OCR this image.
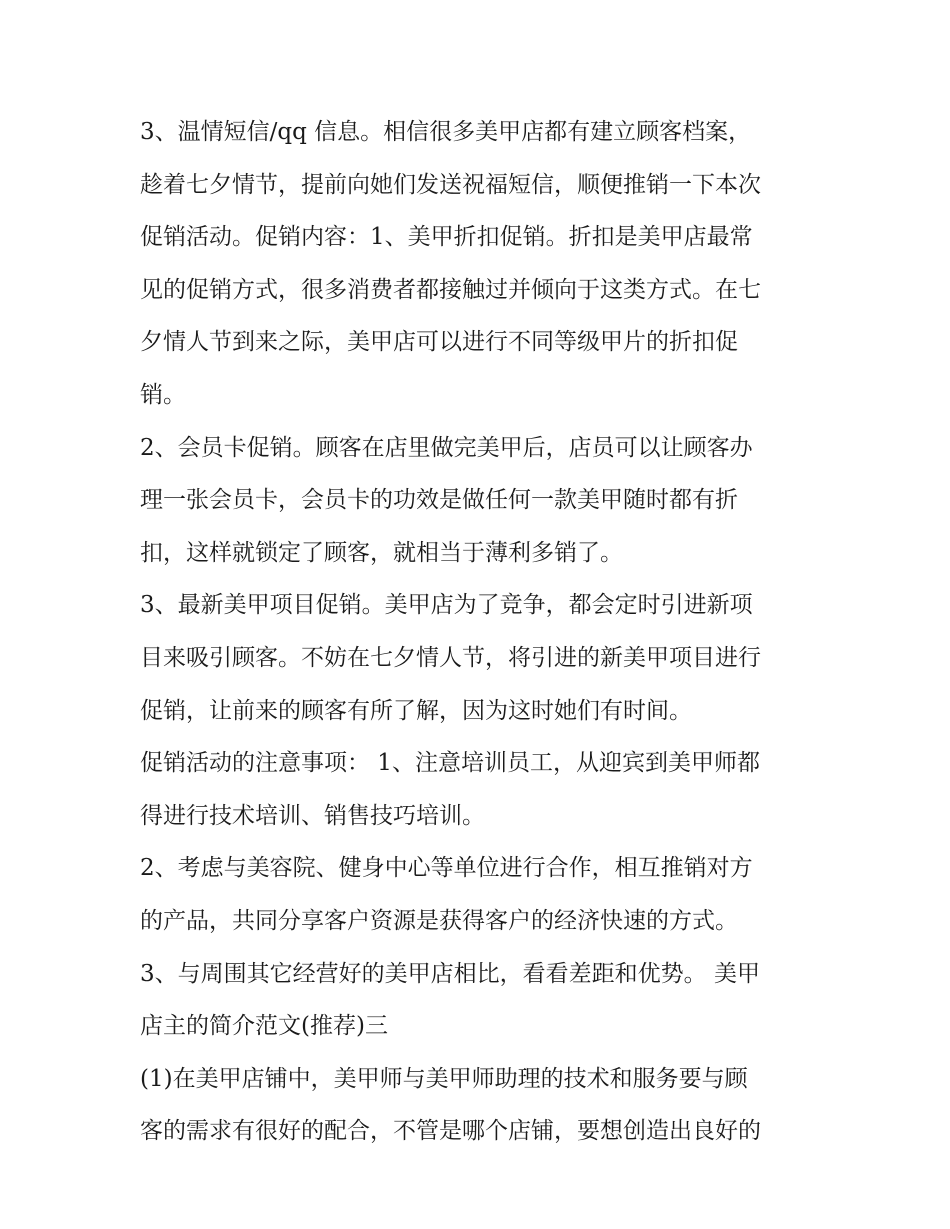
3、温情短信/qq 信息。相信很多美甲店都有建立顾客档案，
趁着七夕情节，提前向她们发送祝福短信，顺便推销一下本次
促销活动。促销内容：1、美甲折扣促销。折扣是美甲店最常
见的促销方式，很多消费者都接触过并倾向于这类方式。在七
夕情人节到来之际，美甲店可以进行不同等级甲片的折扣促
销。
2、会员卡促销。顾客在店里做完美甲后，店员可以让顾客办
理一张会员卡，会员卡的功效是做任何一款美甲随时都有折
扣，这样就锁定了顾客，就相当于薄利多销了。
3、最新美甲项目促销。美甲店为了竞争，都会定时引进新项
目来吸引顾客。不妨在七夕情人节，将引进的新美甲项目进行
促销，让前来的顾客有所了解，因为这时她们有时间。
促销活动的注意事项： 1、注意培训员工，从迎宾到美甲师都
得进行技术培训、销售技巧培训。
2、考虑与美容院、健身中心等单位进行合作，相互推销对方
的产品，共同分享客户资源是获得客户的经济快速的方式。
3、与周围其它经营好的美甲店相比，看看差距和优势。 美甲
店主的简介范文(推荐)三
(1)在美甲店铺中，美甲师与美甲师助理的技术和服务要与顾
客的需求有很好的配合，不管是哪个店铺，要想创造出良好的
